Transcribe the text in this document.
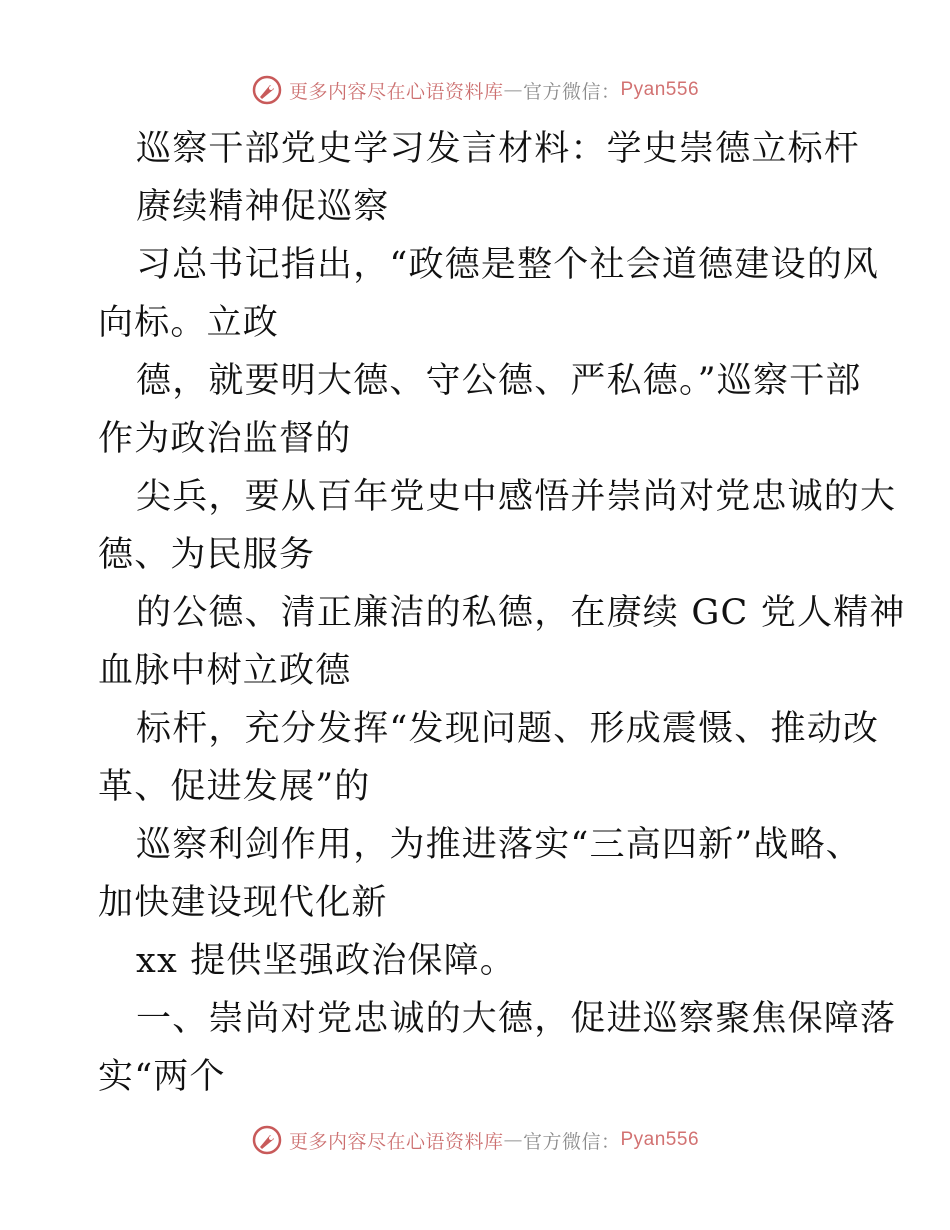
更多内容尽在心语资料库 — 官方微信： Pyan556
巡察干部党史学习发言材料：学史崇德立标杆
赓续精神促巡察
习总书记指出，“政德是整个社会道德建设的风
向标。立政
德，就要明大德、守公德、严私德。”巡察干部
作为政治监督的
尖兵，要从百年党史中感悟并崇尚对党忠诚的大
德、为民服务
的公德、清正廉洁的私德，在赓续 GC 党人精神
血脉中树立政德
标杆，充分发挥“发现问题、形成震慑、推动改
革、促进发展”的
巡察利剑作用，为推进落实“三高四新”战略、
加快建设现代化新
xx 提供坚强政治保障。
一、崇尚对党忠诚的大德，促进巡察聚焦保障落
实“两个
更多内容尽在心语资料库 — 官方微信： Pyan556
